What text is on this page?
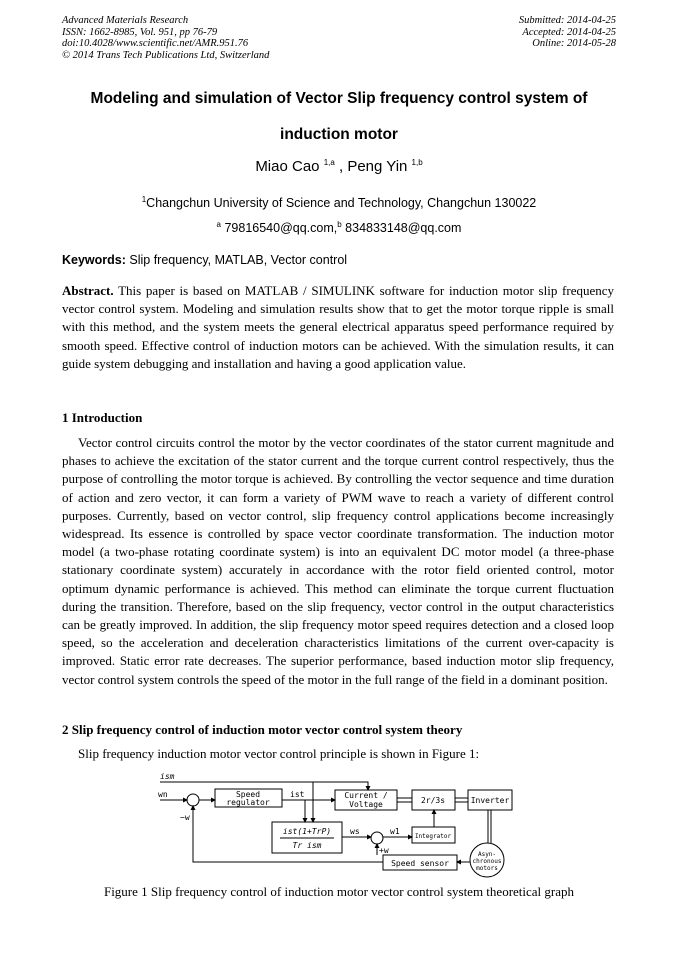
Advanced Materials Research
ISSN: 1662-8985, Vol. 951, pp 76-79
doi:10.4028/www.scientific.net/AMR.951.76
© 2014 Trans Tech Publications Ltd, Switzerland
Submitted: 2014-04-25
Accepted: 2014-04-25
Online: 2014-05-28
Modeling and simulation of Vector Slip frequency control system of
induction motor
Miao Cao $^{1,a}$ , Peng Yin $^{1,b}$
$^1$Changchun University of Science and Technology, Changchun 130022
$^a$ 79816540@qq.com,$^b$ 834833148@qq.com
Keywords: Slip frequency, MATLAB, Vector control
Abstract. This paper is based on MATLAB / SIMULINK software for induction motor slip frequency vector control system. Modeling and simulation results show that to get the motor torque ripple is small with this method, and the system meets the general electrical apparatus speed performance required by smooth speed. Effective control of induction motors can be achieved. With the simulation results, it can guide system debugging and installation and having a good application value.
1 Introduction
Vector control circuits control the motor by the vector coordinates of the stator current magnitude and phases to achieve the excitation of the stator current and the torque current control respectively, thus the purpose of controlling the motor torque is achieved. By controlling the vector sequence and time duration of action and zero vector, it can form a variety of PWM wave to reach a variety of different control purposes. Currently, based on vector control, slip frequency control applications become increasingly widespread. Its essence is controlled by space vector coordinate transformation. The induction motor model (a two-phase rotating coordinate system) is into an equivalent DC motor model (a three-phase stationary coordinate system) accurately in accordance with the rotor field oriented control, motor optimum dynamic performance is achieved. This method can eliminate the torque current fluctuation during the transition. Therefore, based on the slip frequency, vector control in the output characteristics can be greatly improved. In addition, the slip frequency motor speed requires detection and a closed loop speed, so the acceleration and deceleration characteristics limitations of the current over-capacity is improved. Static error rate decreases. The superior performance, based induction motor slip frequency, vector control system controls the speed of the motor in the full range of the field in a dominant position.
2 Slip frequency control of induction motor vector control system theory
Slip frequency induction motor vector control principle is shown in Figure 1:
ism
wn
−w
Speed
regulator
ist	Current /
Voltage	2r/3s	Inverter
ist(1+TrP)
Tr ism
ws	w1
+w
Integrator
Speed sensor
Asyn-
chronous
motors
Figure 1 Slip frequency control of induction motor vector control system theoretical graph
